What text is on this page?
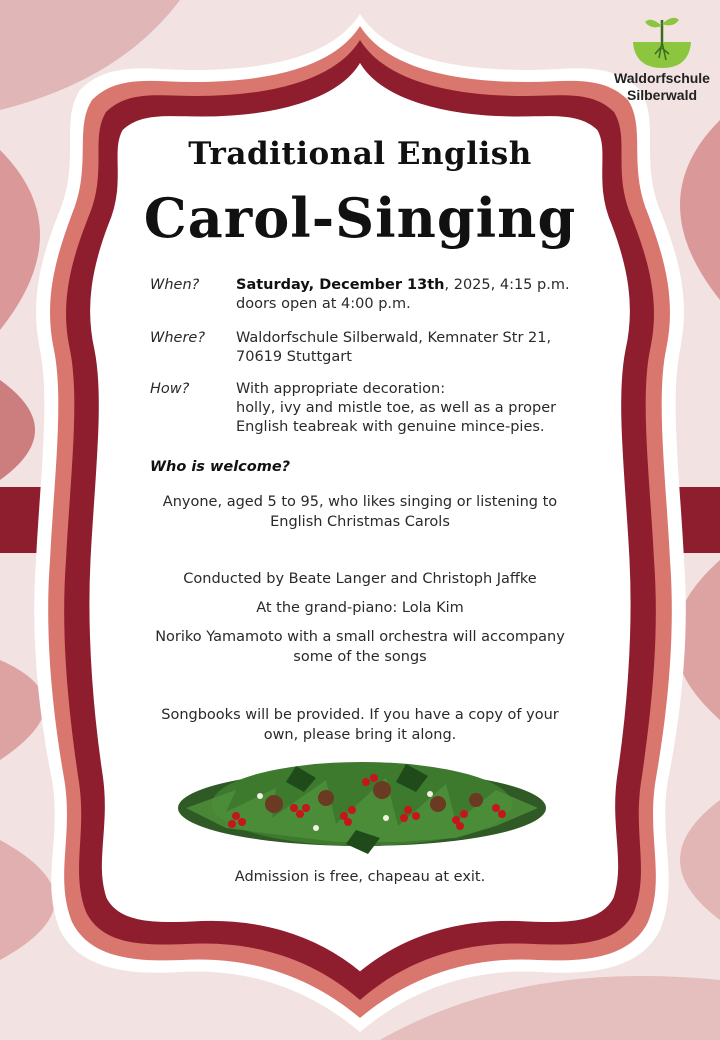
Waldorfschule
Silberwald
Traditional English
Carol-Singing
When?	Saturday, December 13th, 2025, 4:15 p.m.
doors open at 4:00 p.m.
Where? Waldorfschule Silberwald, Kemnater Str 21,
70619 Stuttgart
How?	With appropriate decoration:
holly, ivy and mistle toe, as well as a proper
English teabreak with genuine mince-pies.
Who is welcome?
Anyone, aged 5 to 95, who likes singing or listening to
English Christmas Carols
Conducted by Beate Langer and Christoph Jaffke
At the grand-piano: Lola Kim
Noriko Yamamoto with a small orchestra will accompany
some of the songs
Songbooks will be provided. If you have a copy of your
own, please bring it along.
Admission is free, chapeau at exit.
